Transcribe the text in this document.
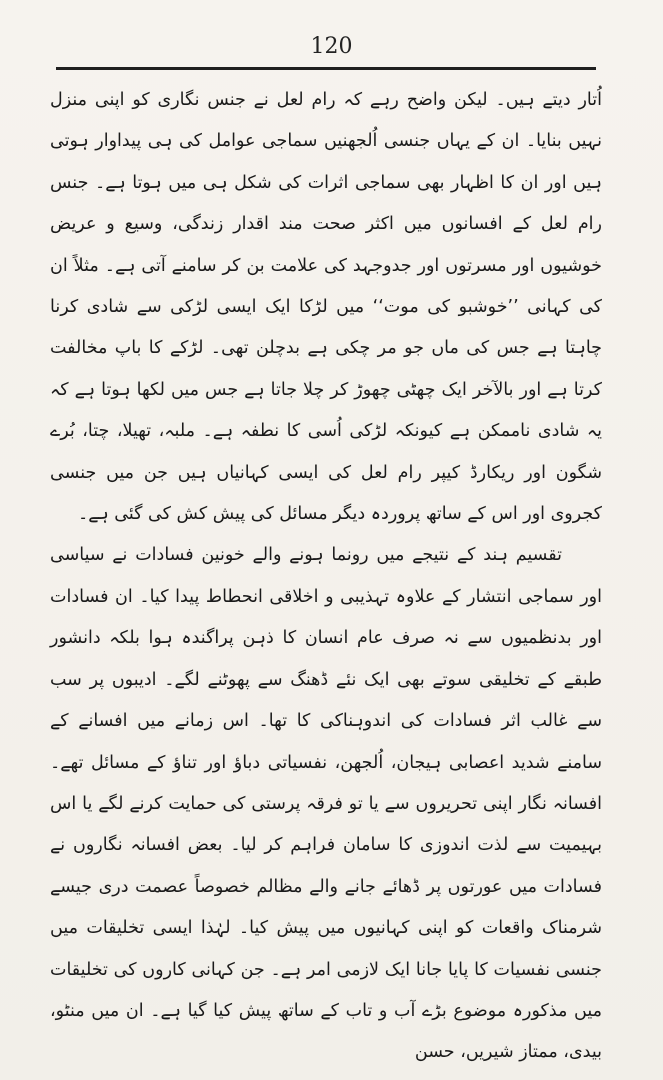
120

اُتار دیتے ہیں۔ لیکن واضح رہے کہ رام لعل نے جنس نگاری کو اپنی منزل نہیں بنایا۔ ان کے یہاں جنسی اُلجھنیں سماجی عوامل کی ہی پیداوار ہوتی ہیں اور ان کا اظہار بھی سماجی اثرات کی شکل ہی میں ہوتا ہے۔ جنس رام لعل کے افسانوں میں اکثر صحت مند اقدار زندگی، وسیع و عریض خوشیوں اور مسرتوں اور جدوجہد کی علامت بن کر سامنے آتی ہے۔ مثلاً ان کی کہانی ’’خوشبو کی موت‘‘ میں لڑکا ایک ایسی لڑکی سے شادی کرنا چاہتا ہے جس کی ماں جو مر چکی ہے بدچلن تھی۔ لڑکے کا باپ مخالفت کرتا ہے اور بالآخر ایک چھٹی چھوڑ کر چلا جاتا ہے جس میں لکھا ہوتا ہے کہ یہ شادی ناممکن ہے کیونکہ لڑکی اُسی کا نطفہ ہے۔ ملبہ، تھیلا، چتا، بُرے شگون اور ریکارڈ کیپر رام لعل کی ایسی کہانیاں ہیں جن میں جنسی کجروی اور اس کے ساتھ پروردہ دیگر مسائل کی پیش کش کی گئی ہے۔

تقسیم ہند کے نتیجے میں رونما ہونے والے خونین فسادات نے سیاسی اور سماجی انتشار کے علاوہ تہذیبی و اخلاقی انحطاط پیدا کیا۔ ان فسادات اور بدنظمیوں سے نہ صرف عام انسان کا ذہن پراگندہ ہوا بلکہ دانشور طبقے کے تخلیقی سوتے بھی ایک نئے ڈھنگ سے پھوٹنے لگے۔ ادیبوں پر سب سے غالب اثر فسادات کی اندوہناکی کا تھا۔ اس زمانے میں افسانے کے سامنے شدید اعصابی ہیجان، اُلجھن، نفسیاتی دباؤ اور تناؤ کے مسائل تھے۔ افسانہ نگار اپنی تحریروں سے یا تو فرقہ پرستی کی حمایت کرنے لگے یا اس بہیمیت سے لذت اندوزی کا سامان فراہم کر لیا۔ بعض افسانہ نگاروں نے فسادات میں عورتوں پر ڈھائے جانے والے مظالم خصوصاً عصمت دری جیسے شرمناک واقعات کو اپنی کہانیوں میں پیش کیا۔ لہٰذا ایسی تخلیقات میں جنسی نفسیات کا پایا جانا ایک لازمی امر ہے۔ جن کہانی کاروں کی تخلیقات میں مذکورہ موضوع بڑے آب و تاب کے ساتھ پیش کیا گیا ہے۔ ان میں منٹو، بیدی، ممتاز شیریں، حسن
